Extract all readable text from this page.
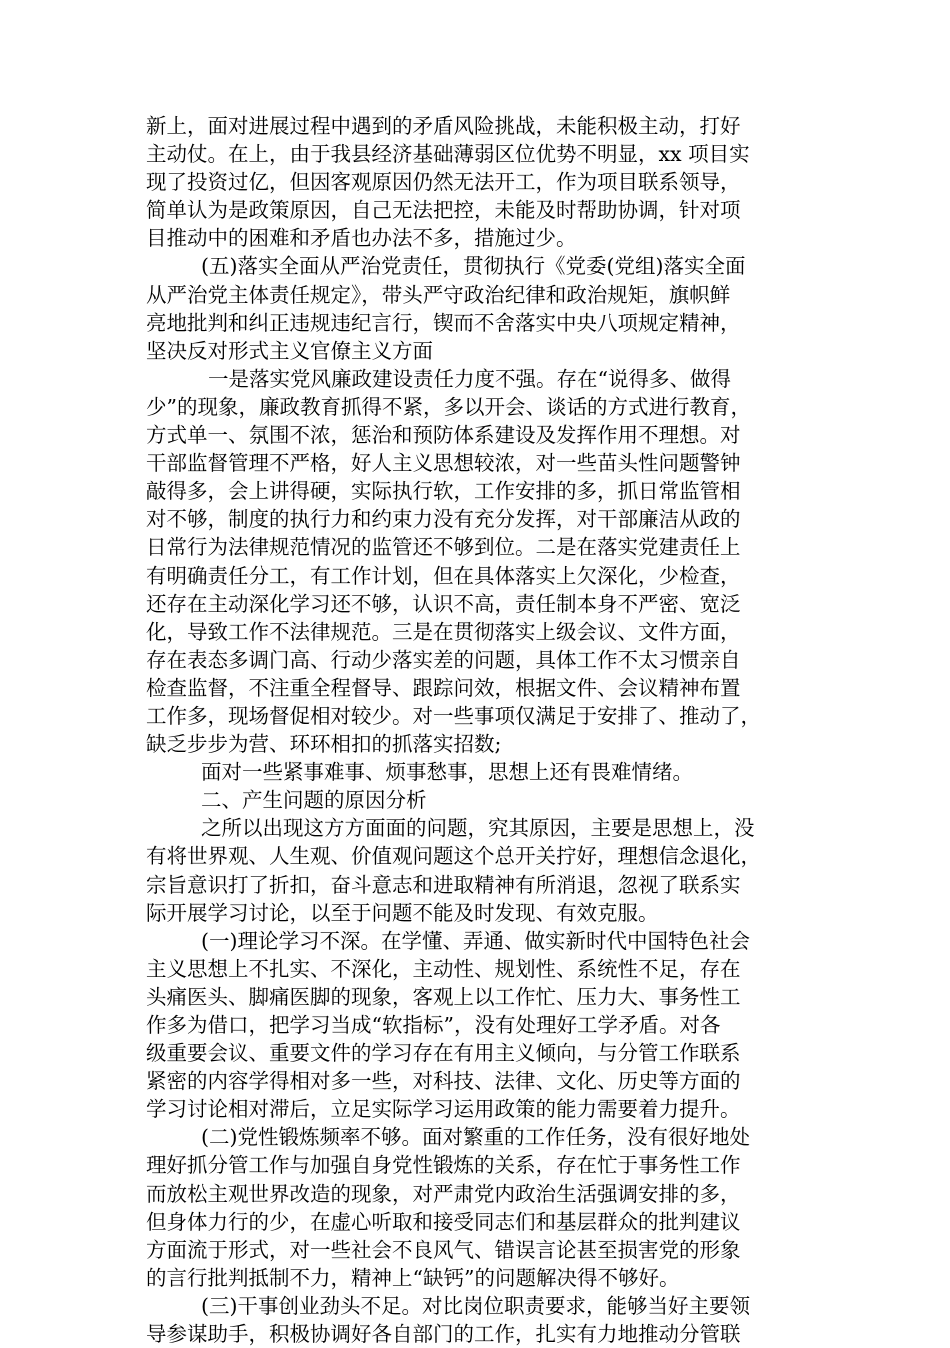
新上，面对进展过程中遇到的矛盾风险挑战，未能积极主动，打好
主动仗。在上，由于我县经济基础薄弱区位优势不明显，xx 项目实
现了投资过亿，但因客观原因仍然无法开工，作为项目联系领导，
简单认为是政策原因，自己无法把控，未能及时帮助协调，针对项
目推动中的困难和矛盾也办法不多，措施过少。
(五)落实全面从严治党责任，贯彻执行《党委(党组)落实全面
从严治党主体责任规定》，带头严守政治纪律和政治规矩，旗帜鲜
亮地批判和纠正违规违纪言行，锲而不舍落实中央八项规定精神，
坚决反对形式主义官僚主义方面
一是落实党风廉政建设责任力度不强。存在“说得多、做得
少”的现象，廉政教育抓得不紧，多以开会、谈话的方式进行教育，
方式单一、氛围不浓，惩治和预防体系建设及发挥作用不理想。对
干部监督管理不严格，好人主义思想较浓，对一些苗头性问题警钟
敲得多，会上讲得硬，实际执行软，工作安排的多，抓日常监管相
对不够，制度的执行力和约束力没有充分发挥，对干部廉洁从政的
日常行为法律规范情况的监管还不够到位。二是在落实党建责任上
有明确责任分工，有工作计划，但在具体落实上欠深化，少检查，
还存在主动深化学习还不够，认识不高，责任制本身不严密、宽泛
化，导致工作不法律规范。三是在贯彻落实上级会议、文件方面，
存在表态多调门高、行动少落实差的问题，具体工作不太习惯亲自
检查监督，不注重全程督导、跟踪问效，根据文件、会议精神布置
工作多，现场督促相对较少。对一些事项仅满足于安排了、推动了，
缺乏步步为营、环环相扣的抓落实招数;
面对一些紧事难事、烦事愁事，思想上还有畏难情绪。
二、产生问题的原因分析
之所以出现这方方面面的问题，究其原因，主要是思想上，没
有将世界观、人生观、价值观问题这个总开关拧好，理想信念退化，
宗旨意识打了折扣，奋斗意志和进取精神有所消退，忽视了联系实
际开展学习讨论，以至于问题不能及时发现、有效克服。
(一)理论学习不深。在学懂、弄通、做实新时代中国特色社会
主义思想上不扎实、不深化，主动性、规划性、系统性不足，存在
头痛医头、脚痛医脚的现象，客观上以工作忙、压力大、事务性工
作多为借口，把学习当成“软指标”，没有处理好工学矛盾。对各
级重要会议、重要文件的学习存在有用主义倾向，与分管工作联系
紧密的内容学得相对多一些，对科技、法律、文化、历史等方面的
学习讨论相对滞后，立足实际学习运用政策的能力需要着力提升。
(二)党性锻炼频率不够。面对繁重的工作任务，没有很好地处
理好抓分管工作与加强自身党性锻炼的关系，存在忙于事务性工作
而放松主观世界改造的现象，对严肃党内政治生活强调安排的多，
但身体力行的少，在虚心听取和接受同志们和基层群众的批判建议
方面流于形式，对一些社会不良风气、错误言论甚至损害党的形象
的言行批判抵制不力，精神上“缺钙”的问题解决得不够好。
(三)干事创业劲头不足。对比岗位职责要求，能够当好主要领
导参谋助手，积极协调好各自部门的工作，扎实有力地推动分管联
